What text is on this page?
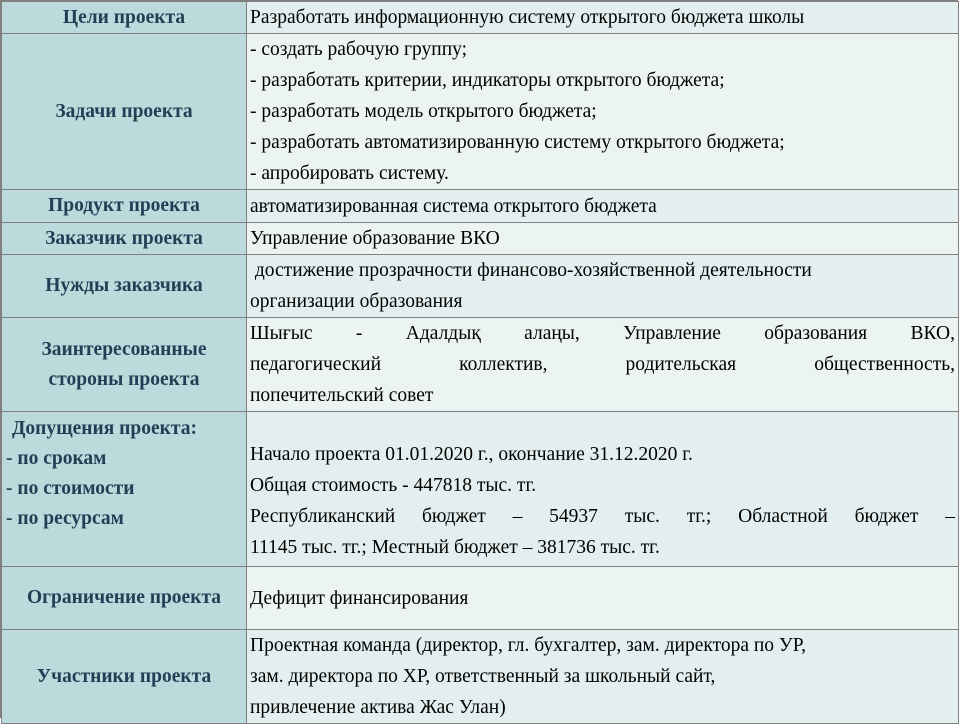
Цели проекта	Разработать информационную систему открытого бюджета школы
Задачи проекта	- создать рабочую группу;
- разработать критерии, индикаторы открытого бюджета;
- разработать модель открытого бюджета;
- разработать автоматизированную систему открытого бюджета;
- апробировать систему.

Продукт проекта	автоматизированная система открытого бюджета
Заказчик проекта	Управление образование ВКО
Нужды заказчика	достижение прозрачности финансово-хозяйственной деятельности
организации образования

Заинтересованные
стороны проекта	Шығыс - Адалдық алаңы, Управление образования ВКО,
педагогический коллектив, родительская общественность,
попечительский совет

Допущения проекта:
- по срокам
- по стоимости
- по ресурсам	Начало проекта 01.01.2020 г., окончание 31.12.2020 г.
Общая стоимость - 447818 тыс. тг.
Республиканский бюджет – 54937 тыс. тг.; Областной бюджет –
11145 тыс. тг.; Местный бюджет – 381736 тыс. тг.

Ограничение проекта	Дефицит финансирования
Участники проекта	Проектная команда (директор, гл. бухгалтер, зам. директора по УР,
зам. директора по ХР, ответственный за школьный сайт,
привлечение актива Жас Улан)
